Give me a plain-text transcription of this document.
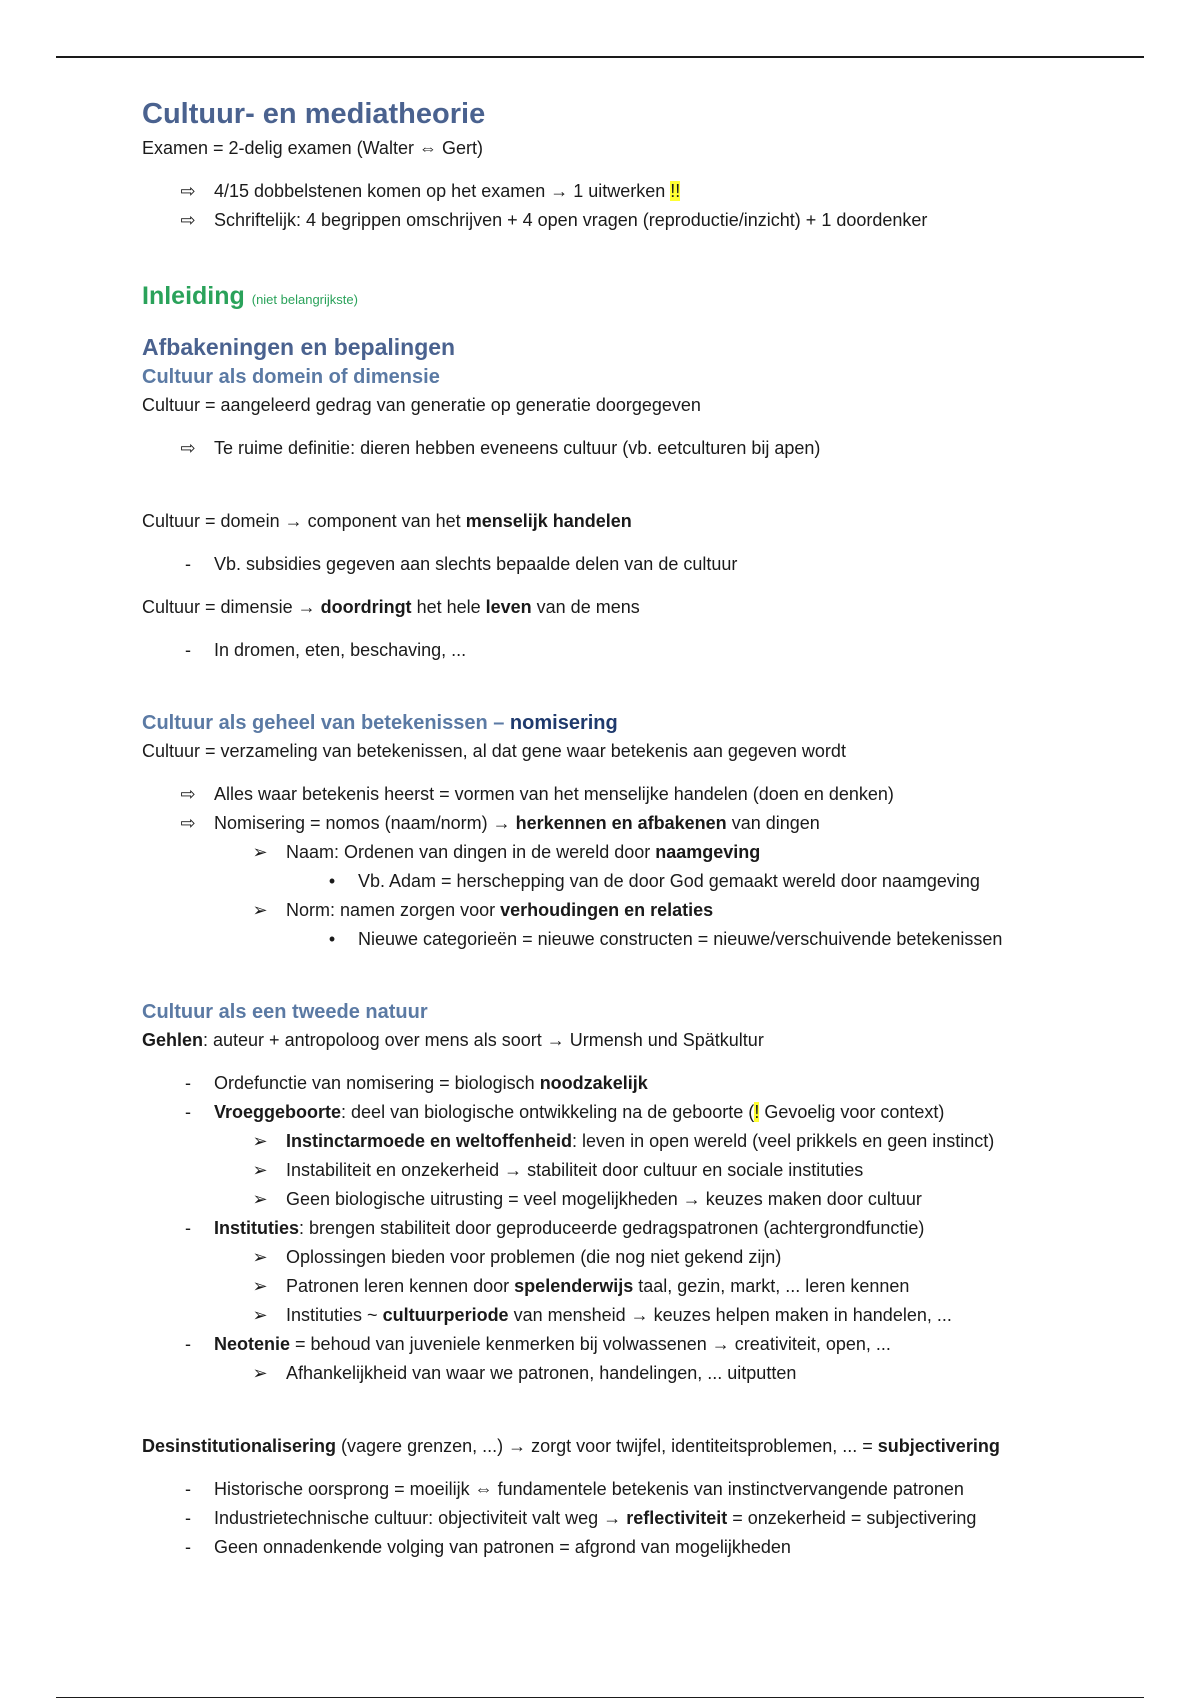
Cultuur- en mediatheorie

Examen = 2-delig examen (Walter ⇔ Gert)

⇨ 4/15 dobbelstenen komen op het examen → 1 uitwerken !!
⇨ Schriftelijk: 4 begrippen omschrijven + 4 open vragen (reproductie/inzicht) + 1 doordenker
Inleiding (niet belangrijkste)
Afbakeningen en bepalingen
Cultuur als domein of dimensie

Cultuur = aangeleerd gedrag van generatie op generatie doorgegeven

⇨ Te ruime definitie: dieren hebben eveneens cultuur (vb. eetculturen bij apen)

Cultuur = domein → component van het menselijk handelen

-	Vb. subsidies gegeven aan slechts bepaalde delen van de cultuur

Cultuur = dimensie → doordringt het hele leven van de mens

-	In dromen, eten, beschaving, ...
Cultuur als geheel van betekenissen – nomisering

Cultuur = verzameling van betekenissen, al dat gene waar betekenis aan gegeven wordt

⇨ Alles waar betekenis heerst = vormen van het menselijke handelen (doen en denken)
⇨ Nomisering = nomos (naam/norm) → herkennen en afbakenen van dingen
➢ Naam: Ordenen van dingen in de wereld door naamgeving
•	Vb. Adam = herschepping van de door God gemaakt wereld door naamgeving
➢ Norm: namen zorgen voor verhoudingen en relaties
•	Nieuwe categorieën = nieuwe constructen = nieuwe/verschuivende betekenissen
Cultuur als een tweede natuur

Gehlen: auteur + antropoloog over mens als soort → Urmensh und Spätkultur

-	Ordefunctie van nomisering = biologisch noodzakelijk
-	Vroeggeboorte: deel van biologische ontwikkeling na de geboorte (! Gevoelig voor context)
➢ Instinctarmoede en weltoffenheid: leven in open wereld (veel prikkels en geen instinct)
➢ Instabiliteit en onzekerheid → stabiliteit door cultuur en sociale instituties
➢ Geen biologische uitrusting = veel mogelijkheden → keuzes maken door cultuur
-	Instituties: brengen stabiliteit door geproduceerde gedragspatronen (achtergrondfunctie)
➢ Oplossingen bieden voor problemen (die nog niet gekend zijn)
➢ Patronen leren kennen door spelenderwijs taal, gezin, markt, ... leren kennen
➢ Instituties ~ cultuurperiode van mensheid → keuzes helpen maken in handelen, ...
-	Neotenie = behoud van juveniele kenmerken bij volwassenen → creativiteit, open, ...
➢ Afhankelijkheid van waar we patronen, handelingen, ... uitputten

Desinstitutionalisering (vagere grenzen, ...) → zorgt voor twijfel, identiteitsproblemen, ... = subjectivering

-	Historische oorsprong = moeilijk ⇔ fundamentele betekenis van instinctvervangende patronen
-	Industrietechnische cultuur: objectiviteit valt weg → reflectiviteit = onzekerheid = subjectivering
-	Geen onnadenkende volging van patronen = afgrond van mogelijkheden
